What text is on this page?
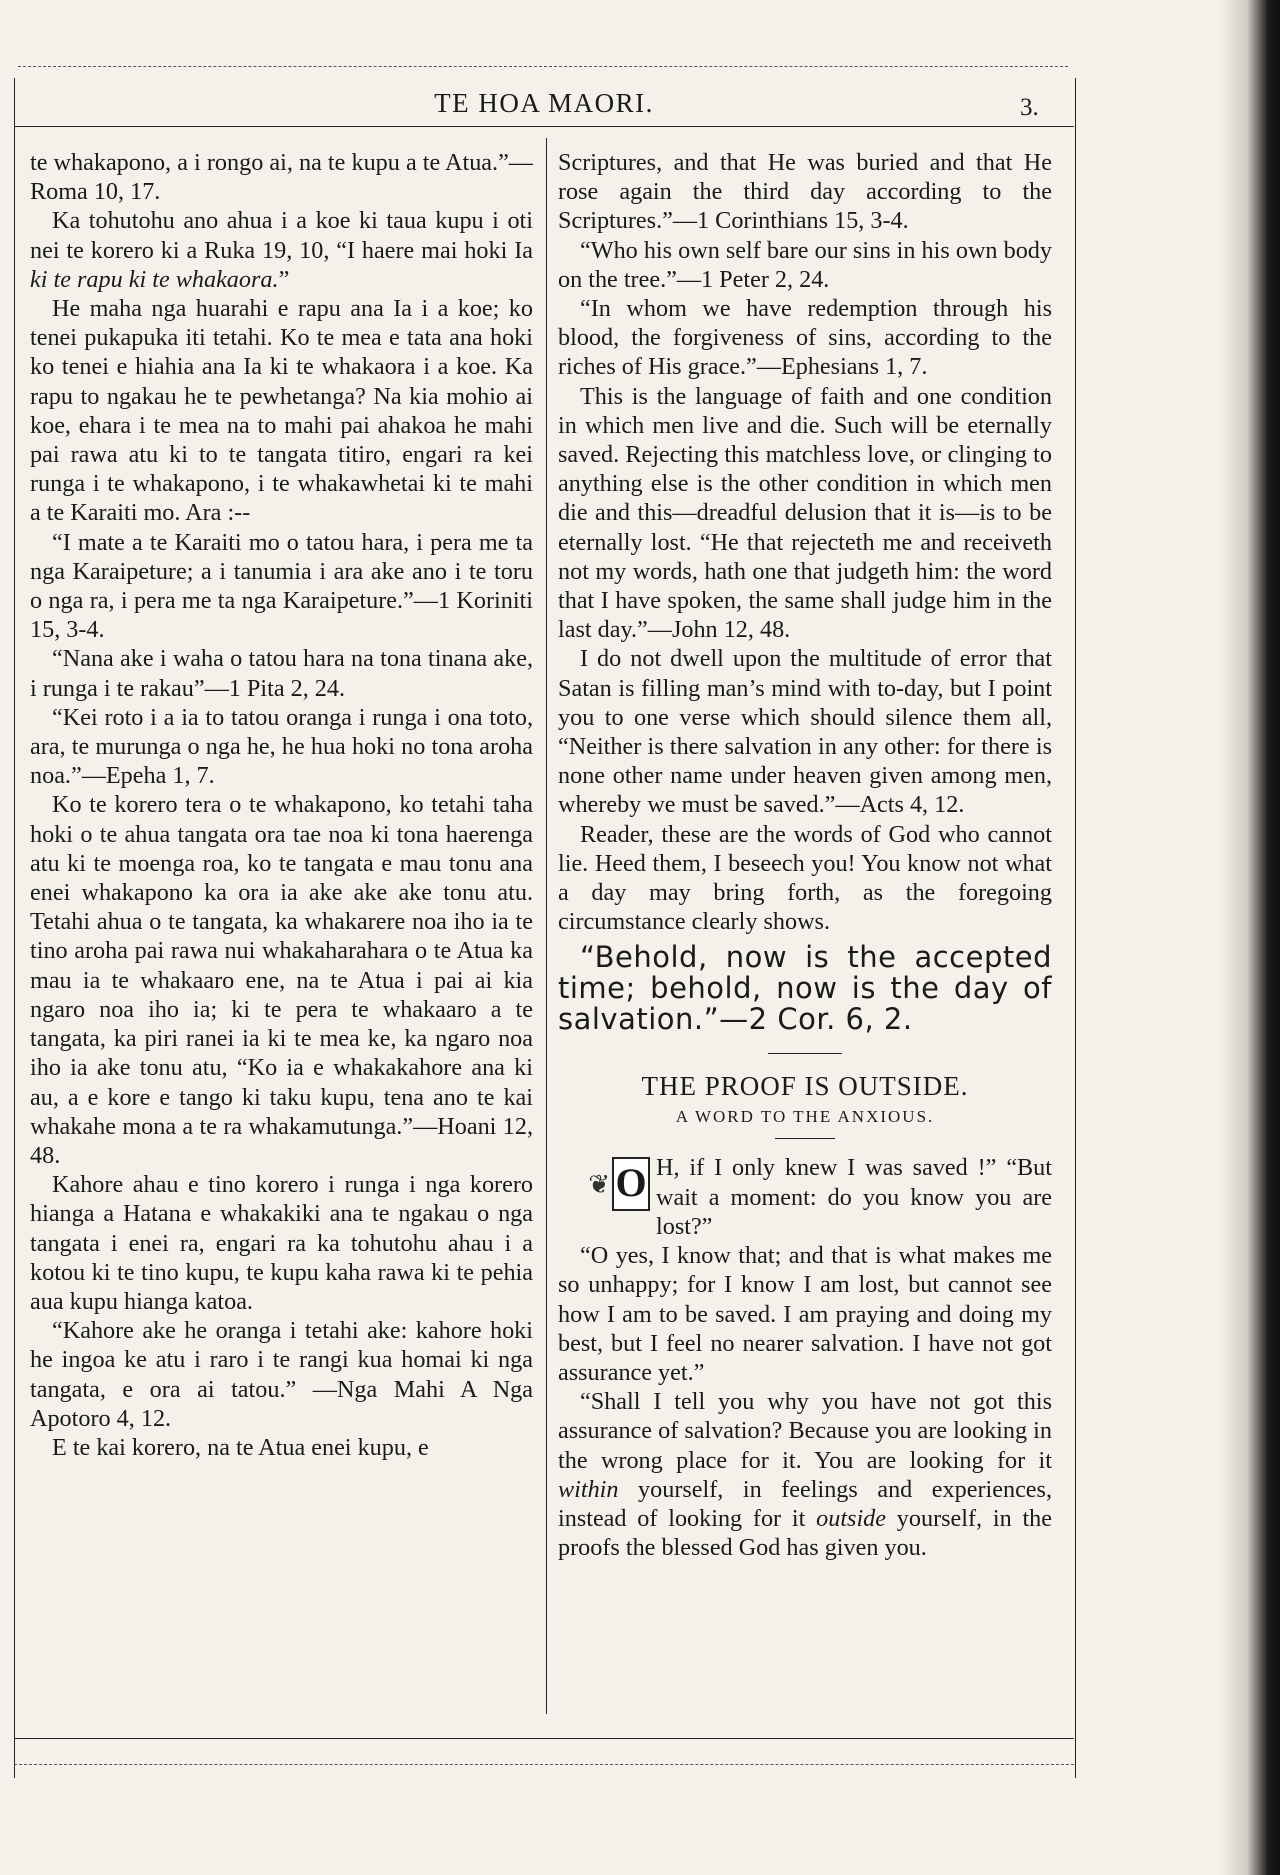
TE HOA MAORI.	3.

te whakapono, a i rongo ai, na te kupu a te Atua.”—Roma 10, 17.

Ka tohutohu ano ahua i a koe ki taua kupu i oti nei te korero ki a Ruka 19, 10, “I haere mai hoki Ia ki te rapu ki te whakaora.”

He maha nga huarahi e rapu ana Ia i a koe; ko tenei pukapuka iti tetahi. Ko te mea e tata ana hoki ko tenei e hiahia ana Ia ki te whakaora i a koe. Ka rapu to ngakau he te pewhetanga? Na kia mohio ai koe, ehara i te mea na to mahi pai ahakoa he mahi pai rawa atu ki to te tangata titiro, engari ra kei runga i te whakapono, i te whakawhetai ki te mahi a te Karaiti mo. Ara :--

“I mate a te Karaiti mo o tatou hara, i pera me ta nga Karaipeture; a i tanumia i ara ake ano i te toru o nga ra, i pera me ta nga Karaipeture.”—1 Koriniti 15, 3-4.

“Nana ake i waha o tatou hara na tona tinana ake, i runga i te rakau”—1 Pita 2, 24.

“Kei roto i a ia to tatou oranga i runga i ona toto, ara, te murunga o nga he, he hua hoki no tona aroha noa.”—Epeha 1, 7.

Ko te korero tera o te whakapono, ko tetahi taha hoki o te ahua tangata ora tae noa ki tona haerenga atu ki te moenga roa, ko te tangata e mau tonu ana enei whakapono ka ora ia ake ake ake tonu atu. Tetahi ahua o te tangata, ka whakarere noa iho ia te tino aroha pai rawa nui whakaharahara o te Atua ka mau ia te whakaaro ene, na te Atua i pai ai kia ngaro noa iho ia; ki te pera te whakaaro a te tangata, ka piri ranei ia ki te mea ke, ka ngaro noa iho ia ake tonu atu, “Ko ia e whakakahore ana ki au, a e kore e tango ki taku kupu, tena ano te kai whakahe mona a te ra whakamutunga.”—Hoani 12, 48.

Kahore ahau e tino korero i runga i nga korero hianga a Hatana e whakakiki ana te ngakau o nga tangata i enei ra, engari ra ka tohutohu ahau i a kotou ki te tino kupu, te kupu kaha rawa ki te pehia aua kupu hianga katoa.

“Kahore ake he oranga i tetahi ake: kahore hoki he ingoa ke atu i raro i te rangi kua homai ki nga tangata, e ora ai tatou.” —Nga Mahi A Nga Apotoro 4, 12.

E te kai korero, na te Atua enei kupu, e

Scriptures, and that He was buried and that He rose again the third day according to the Scriptures.”—1 Corinthians 15, 3-4.

“Who his own self bare our sins in his own body on the tree.”—1 Peter 2, 24.

“In whom we have redemption through his blood, the forgiveness of sins, according to the riches of His grace.”—Ephesians 1, 7.

This is the language of faith and one condition in which men live and die. Such will be eternally saved. Rejecting this matchless love, or clinging to anything else is the other condition in which men die and this—dreadful delusion that it is—is to be eternally lost. “He that rejecteth me and receiveth not my words, hath one that judgeth him: the word that I have spoken, the same shall judge him in the last day.”—John 12, 48.

I do not dwell upon the multitude of error that Satan is filling man’s mind with to-day, but I point you to one verse which should silence them all, “Neither is there salvation in any other: for there is none other name under heaven given among men, whereby we must be saved.”—Acts 4, 12.

Reader, these are the words of God who cannot lie. Heed them, I beseech you! You know not what a day may bring forth, as the foregoing circumstance clearly shows.

“Behold, now is the accepted time; behold, now is the day of salvation.”—2 Cor. 6, 2.

THE PROOF IS OUTSIDE.
A WORD TO THE ANXIOUS.
❦ O H, if I only knew I was saved !” “But wait a moment: do you know you are lost?”

“O yes, I know that; and that is what makes me so unhappy; for I know I am lost, but cannot see how I am to be saved. I am praying and doing my best, but I feel no nearer salvation. I have not got assurance yet.”

“Shall I tell you why you have not got this assurance of salvation? Because you are looking in the wrong place for it. You are looking for it within yourself, in feelings and experiences, instead of looking for it outside yourself, in the proofs the blessed God has given you.
